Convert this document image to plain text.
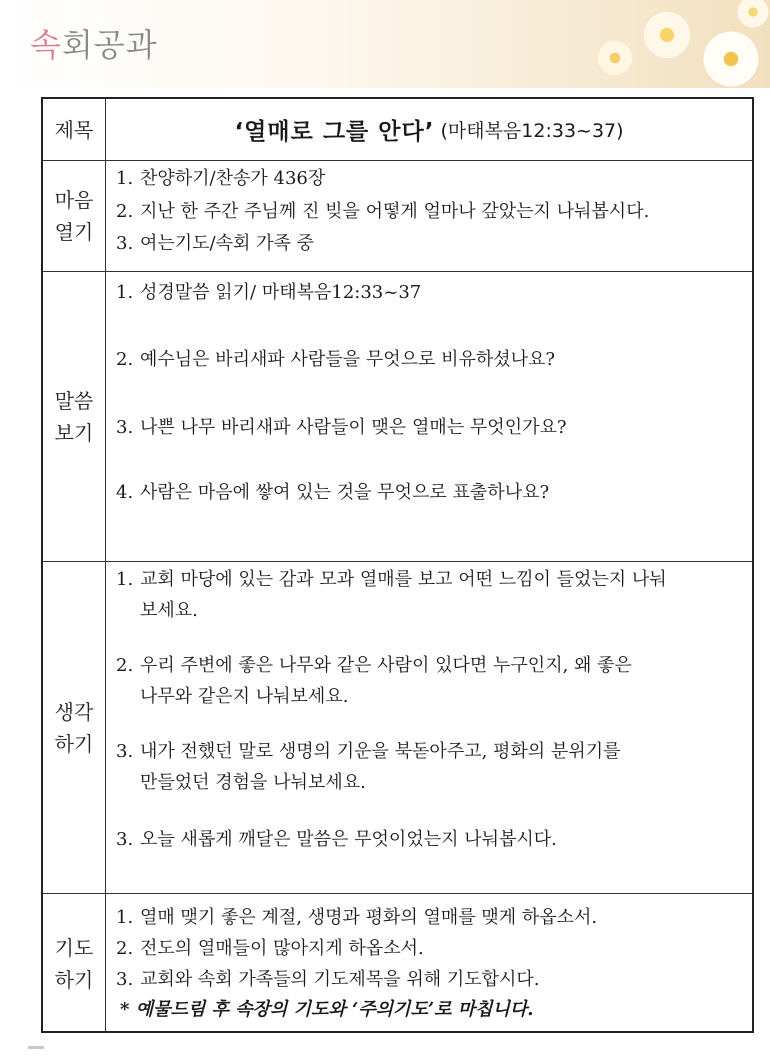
속회공과
제목	‘열매로 그를 안다’ (마태복음12:33~37)
마음
열기
1. 찬양하기/찬송가 436장
2. 지난 한 주간 주님께 진 빚을 어떻게 얼마나 갚았는지 나눠봅시다.
3. 여는기도/속회 가족 중
말씀
보기
1. 성경말씀 읽기/ 마태복음12:33~37
2. 예수님은 바리새파 사람들을 무엇으로 비유하셨나요?
3. 나쁜 나무 바리새파 사람들이 맺은 열매는 무엇인가요?
4. 사람은 마음에 쌓여 있는 것을 무엇으로 표출하나요?
생각
하기
1. 교회 마당에 있는 감과 모과 열매를 보고 어떤 느낌이 들었는지 나눠
보세요.
2. 우리 주변에 좋은 나무와 같은 사람이 있다면 누구인지, 왜 좋은
나무와 같은지 나눠보세요.
3. 내가 전했던 말로 생명의 기운을 북돋아주고, 평화의 분위기를
만들었던 경험을 나눠보세요.
3. 오늘 새롭게 깨달은 말씀은 무엇이었는지 나눠봅시다.
기도
하기
1. 열매 맺기 좋은 계절, 생명과 평화의 열매를 맺게 하옵소서.
2. 전도의 열매들이 많아지게 하옵소서.
3. 교회와 속회 가족들의 기도제목을 위해 기도합시다.
* 예물드림 후 속장의 기도와 ‘주의기도’로 마칩니다.
